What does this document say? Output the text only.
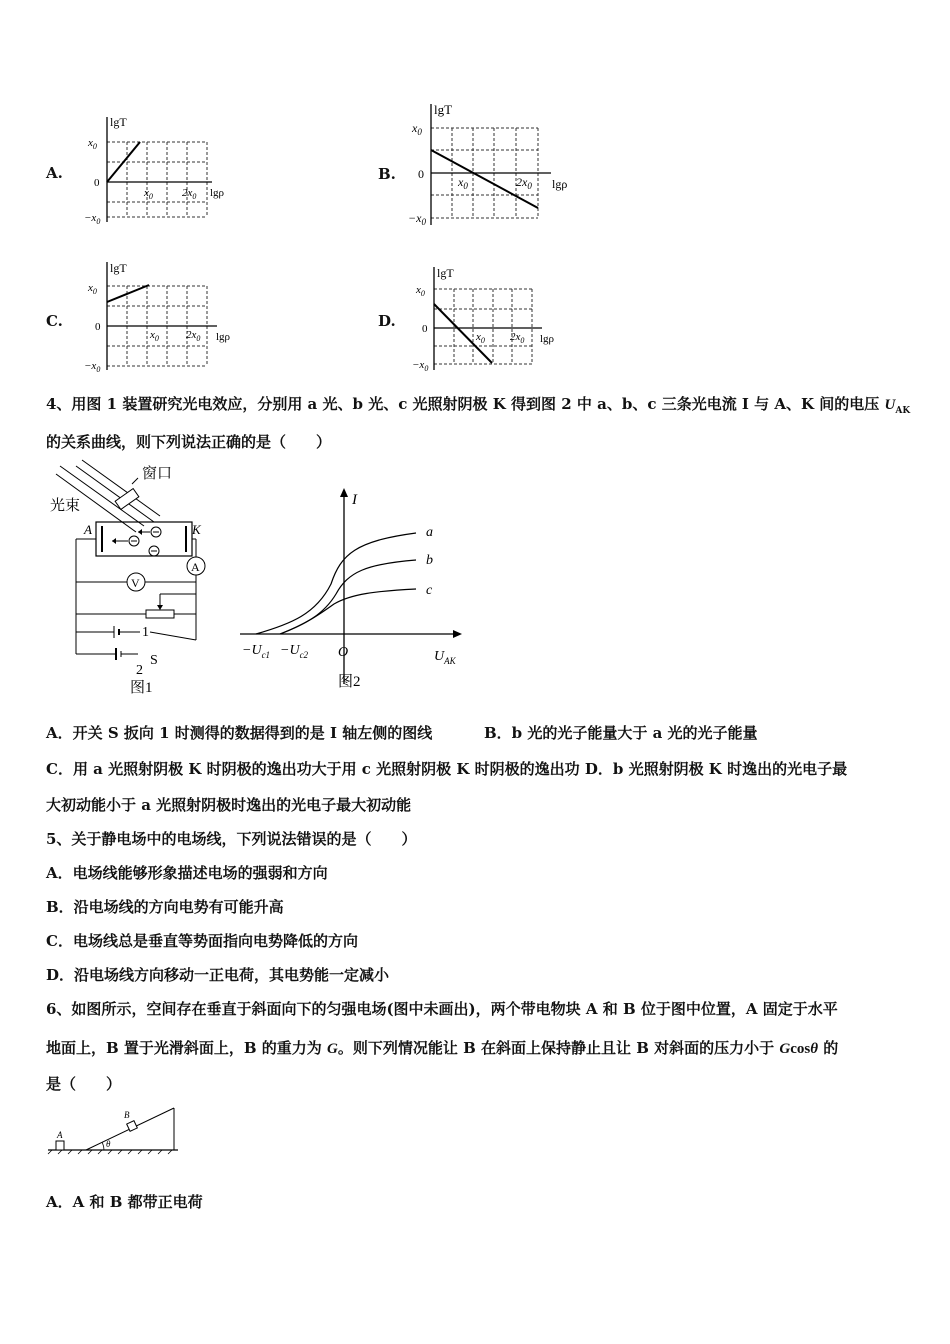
A.
lgT
lgρ
$x_0$
0
$-x_0$
$x_0$	$2x_0$
B.
lgT
lgρ
$x_0$
0
$-x_0$
$x_0$	$2x_0$
C.
lgT
lgρ
$x_0$
0
$-x_0$
$x_0$ $2x_0$
D.
lgT
lgρ
$x_0$
0
$-x_0$
$x_0$ $2x_0$
4、用图 1 装置研究光电效应，分别用 a 光、b 光、c 光照射阴极 K 得到图 2 中 a、b、c 三条光电流 I 与 A、K 间的电压 $U_{AK}$
的关系曲线，则下列说法正确的是（　　）
窗口
光束
A	K
A
V
1
S
2
图1
I
a
b
c
$-U_{c1} -U_{c2}$ O	$U_{AK}$
图2
A．开关 S 扳向 1 时测得的数据得到的是 I 轴左侧的图线	B．b 光的光子能量大于 a 光的光子能量
C．用 a 光照射阴极 K 时阴极的逸出功大于用 c 光照射阴极 K 时阴极的逸出功 D．b 光照射阴极 K 时逸出的光电子最
大初动能小于 a 光照射阴极时逸出的光电子最大初动能
5、关于静电场中的电场线，下列说法错误的是（　　）
A．电场线能够形象描述电场的强弱和方向
B．沿电场线的方向电势有可能升高
C．电场线总是垂直等势面指向电势降低的方向
D．沿电场线方向移动一正电荷，其电势能一定减小
6、如图所示，空间存在垂直于斜面向下的匀强电场(图中未画出)，两个带电物块 A 和 B 位于图中位置，A 固定于水平
地面上，B 置于光滑斜面上，B 的重力为 G。则下列情况能让 B 在斜面上保持静止且让 B 对斜面的压力小于 Gcosθ 的
是（　　）
A
B
θ
A．A 和 B 都带正电荷
